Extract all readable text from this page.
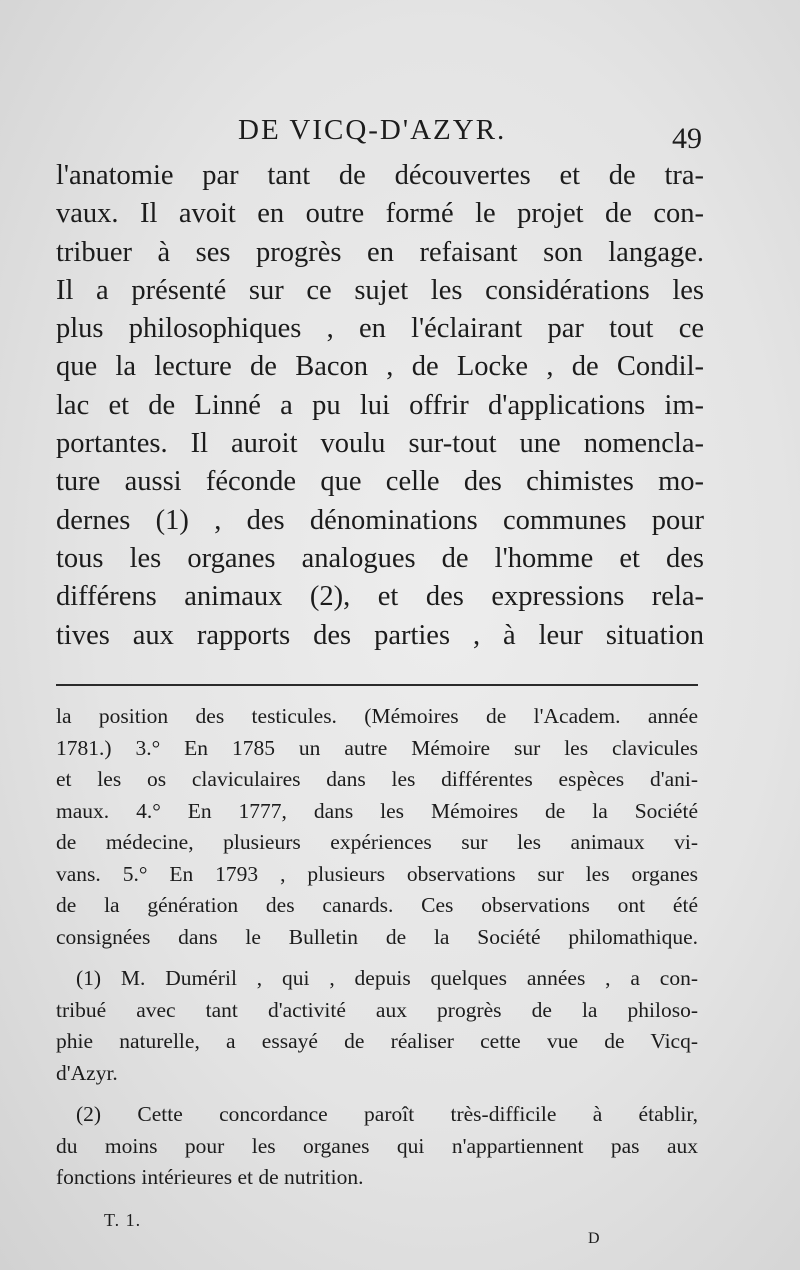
DE VICQ-D'AZYR.	49
l'anatomie par tant de découvertes et de tra-
vaux. Il avoit en outre formé le projet de con-
tribuer à ses progrès en refaisant son langage.
Il a présenté sur ce sujet les considérations les
plus philosophiques , en l'éclairant par tout ce
que la lecture de Bacon , de Locke , de Condil-
lac et de Linné a pu lui offrir d'applications im-
portantes. Il auroit voulu sur-tout une nomencla-
ture aussi féconde que celle des chimistes mo-
dernes (1) , des dénominations communes pour
tous les organes analogues de l'homme et des
différens animaux (2), et des expressions rela-
tives aux rapports des parties , à leur situation
la position des testicules. (Mémoires de l'Academ. année
1781.) 3.° En 1785 un autre Mémoire sur les clavicules
et les os claviculaires dans les différentes espèces d'ani-
maux. 4.° En 1777, dans les Mémoires de la Société
de médecine, plusieurs expériences sur les animaux vi-
vans. 5.° En 1793 , plusieurs observations sur les organes
de la génération des canards. Ces observations ont été
consignées dans le Bulletin de la Société philomathique.
(1) M. Duméril , qui , depuis quelques années , a con-
tribué avec tant d'activité aux progrès de la philoso-
phie naturelle, a essayé de réaliser cette vue de Vicq-
d'Azyr.
(2) Cette concordance paroît très-difficile à établir,
du moins pour les organes qui n'appartiennent pas aux
fonctions intérieures et de nutrition.
T. 1.
D
